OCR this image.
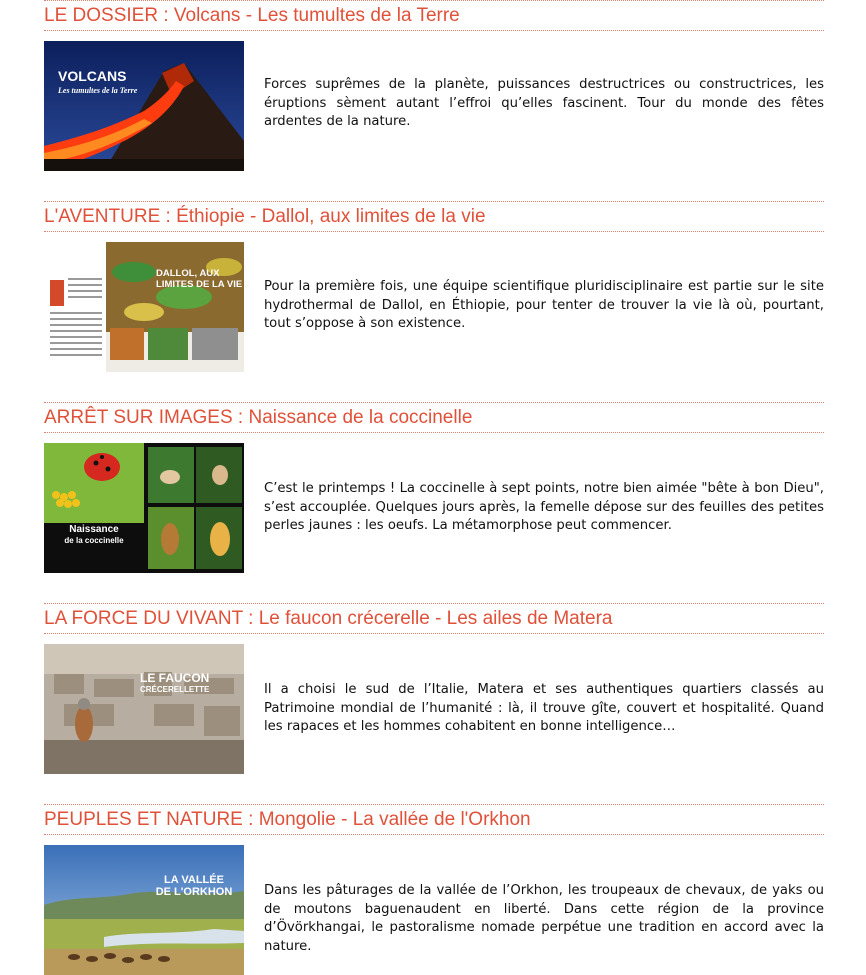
LE DOSSIER : Volcans - Les tumultes de la Terre
VOLCANS
Les tumultes de la Terre	Forces suprêmes de la planète, puissances destructrices ou constructrices, les éruptions sèment autant l’effroi qu’elles fascinent. Tour du monde des fêtes ardentes de la nature.
L'AVENTURE : Éthiopie - Dallol, aux limites de la vie
DALLOL, AUX
LIMITES DE LA VIE Pour la première fois, une équipe scientifique pluridisciplinaire est partie sur le site hydrothermal de Dallol, en Éthiopie, pour tenter de trouver la vie là où, pourtant, tout s’oppose à son existence.
ARRÊT SUR IMAGES : Naissance de la coccinelle
Naissance
de la coccinelle
C’est le printemps ! La coccinelle à sept points, notre bien aimée "bête à bon Dieu", s’est accouplée. Quelques jours après, la femelle dépose sur des feuilles des petites perles jaunes : les oeufs. La métamorphose peut commencer.
LA FORCE DU VIVANT : Le faucon crécerelle - Les ailes de Matera
LE FAUCON
CRÉCERELLETTE	Il a choisi le sud de l’Italie, Matera et ses authentiques quartiers classés au Patrimoine mondial de l’humanité : là, il trouve gîte, couvert et hospitalité. Quand les rapaces et les hommes cohabitent en bonne intelligence…
PEUPLES ET NATURE : Mongolie - La vallée de l'Orkhon
LA VALLÉE
DE L'ORKHON Dans les pâturages de la vallée de l’Orkhon, les troupeaux de chevaux, de yaks ou de moutons baguenaudent en liberté. Dans cette région de la province d’Övörkhangai, le pastoralisme nomade perpétue une tradition en accord avec la nature.
